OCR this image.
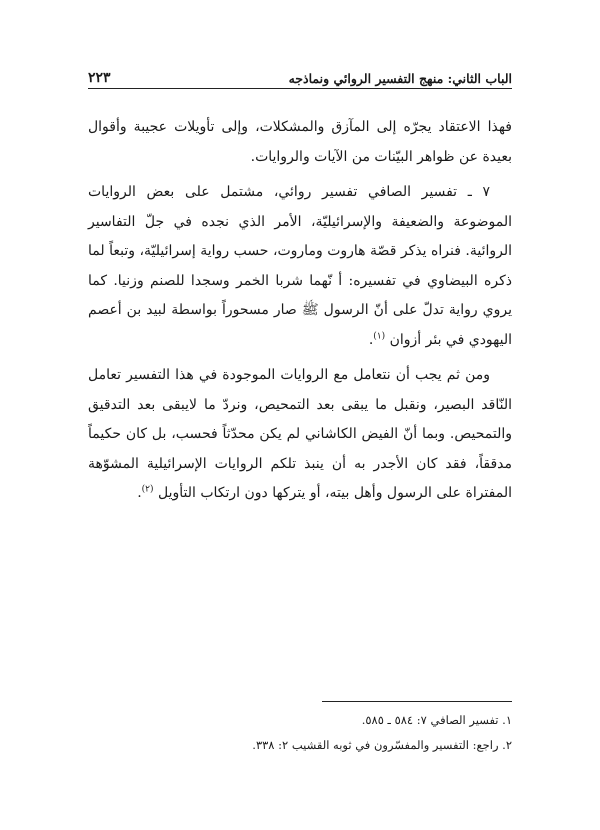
الباب الثاني: منهج التفسير الروائي ونماذجه
٢٢٣

فهذا الاعتقاد يجرّه إلى المآزق والمشكلات، وإلى تأويلات عجيبة وأقوال بعيدة عن ظواهر البيّنات من الآيات والروايات.

٧ ـ تفسير الصافي تفسير روائي، مشتمل على بعض الروايات الموضوعة والضعيفة والإسرائيليّة، الأمر الذي نجده في جلّ التفاسير الروائية. فنراه يذكر قصّة هاروت وماروت، حسب رواية إسرائيليّة، وتبعاً لما ذكره البيضاوي في تفسيره: أ نّهما شربا الخمر وسجدا للصنم وزنيا. كما يروي رواية تدلّ على أنّ الرسول ﷺ صار مسحوراً بواسطة لبيد بن أعصم اليهودي في بئر أزوان $^{(١)}$.

ومن ثم يجب أن نتعامل مع الروايات الموجودة في هذا التفسير تعامل النّاقد البصير، ونقبل ما يبقى بعد التمحيص، ونردّ ما لايبقى بعد التدقيق والتمحيص. وبما أنّ الفيض الكاشاني لم يكن محدّثاً فحسب، بل كان حكيماً مدققاً، فقد كان الأجدر به أن ينبذ تلكم الروايات الإسرائيلية المشوّهة المفتراة على الرسول وأهل بيته، أو يتركها دون ارتكاب التأويل $^{(٢)}$.

١. تفسير الصافي ٧: ٥٨٤ ـ ٥٨٥.

٢. راجع: التفسير والمفسّرون في ثوبه القشيب ٢: ٣٣٨.
